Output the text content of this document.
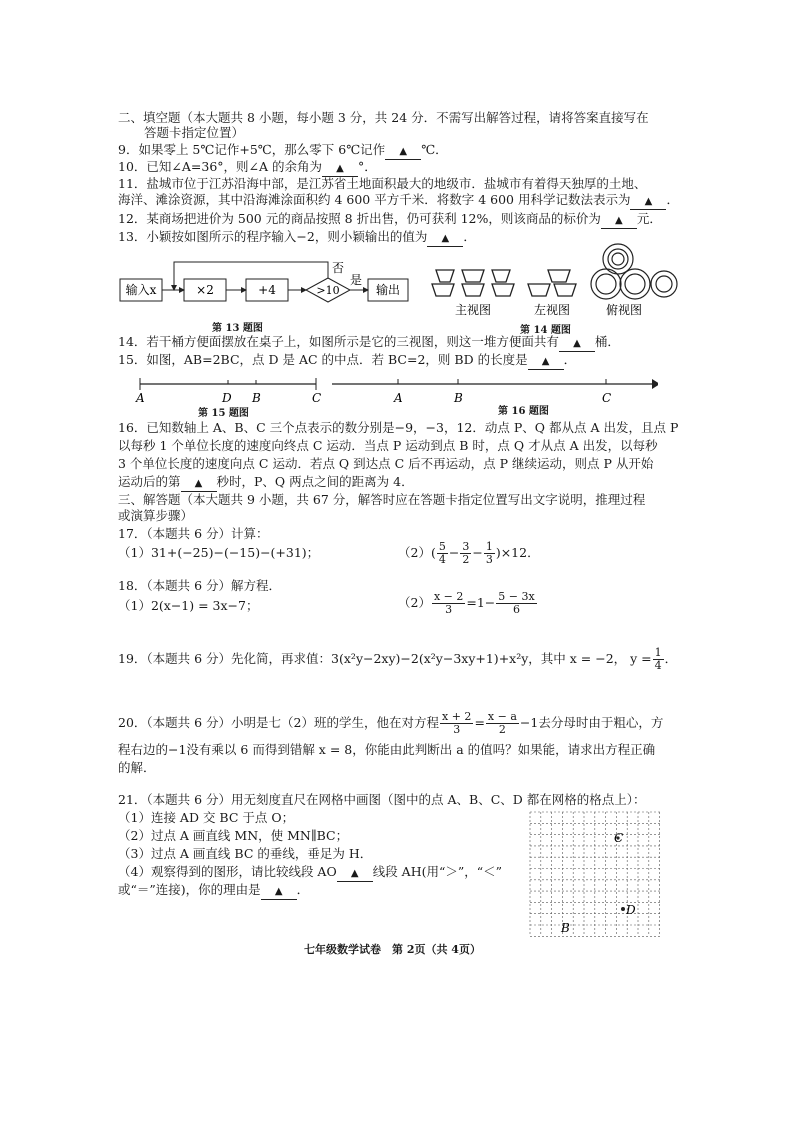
二、填空题（本大题共 8 小题，每小题 3 分，共 24 分．不需写出解答过程，请将答案直接写在
答题卡指定位置）
9．如果零上 5℃记作+5℃，那么零下 6℃记作 ▲ ℃．
10．已知∠A=36°，则∠A 的余角为 ▲ °．
11．盐城市位于江苏沿海中部，是江苏省土地面积最大的地级市．盐城市有着得天独厚的土地、
海洋、滩涂资源，其中沿海滩涂面积约 4 600 平方千米．将数字 4 600 用科学记数法表示为 ▲ ．
12．某商场把进价为 500 元的商品按照 8 折出售，仍可获利 12%，则该商品的标价为 ▲ 元．
13．小颖按如图所示的程序输入−2，则小颖输出的值为 ▲ ．
输入x	×2	+4	>10	输出
否
是
第 13 题图
主视图	左视图	俯视图
第 14 题图
14．若干桶方便面摆放在桌子上，如图所示是它的三视图，则这一堆方便面共有 ▲ 桶．
15．如图，AB=2BC，点 D 是 AC 的中点．若 BC=2，则 BD 的长度是 ▲ ．
A	D B	C	A	B	C
第 15 题图	第 16 题图
16．已知数轴上 A、B、C 三个点表示的数分别是−9，−3，12．动点 P、Q 都从点 A 出发，且点 P
以每秒 1 个单位长度的速度向终点 C 运动．当点 P 运动到点 B 时，点 Q 才从点 A 出发，以每秒
3 个单位长度的速度向点 C 运动．若点 Q 到达点 C 后不再运动，点 P 继续运动，则点 P 从开始
运动后的第 ▲ 秒时，P、Q 两点之间的距离为 4．
三、解答题（本大题共 9 小题，共 67 分，解答时应在答题卡指定位置写出文字说明，推理过程
或演算步骤）
17．（本题共 6 分）计算：
（1）31+(−25)−(−15)−(+31)；	$(2)( \frac{5}{4} - \frac{3}{2} - \frac{1}{3} )\times 12$．
18．（本题共 6 分）解方程．
（1）2(x−1) = 3x−7；	$(2) \frac{x - 2}{3} =1- \frac{5 - 3x}{6}$
19．（本题共 6 分）先化简，再求值：3(x²y−2xy)−2(x²y−3xy+1)+x²y，其中 x = −2， $y = \frac{1}{4}$ ．
20．（本题共 6 分）小明是七（2）班的学生，他在对方程 $\frac{x + 2}{3} = \frac{x - a}{2} -1$去分母时由于粗心，方
程右边的−1没有乘以 6 而得到错解 x = 8，你能由此判断出 a 的值吗？如果能，请求出方程正确
的解．
21．（本题共 6 分）用无刻度直尺在网格中画图（图中的点 A、B、C、D 都在网格的格点上）：
（1）连接 AD 交 BC 于点 O；
（2）过点 A 画直线 MN，使 MN∥BC；
（3）过点 A 画直线 BC 的垂线，垂足为 H．
（4）观察得到的图形，请比较线段 AO ▲ 线段 AH(用“＞”，“＜”
或“＝”连接)，你的理由是 ▲ ．
C
D
B
七年级数学试卷　第 2页（共 4页）
